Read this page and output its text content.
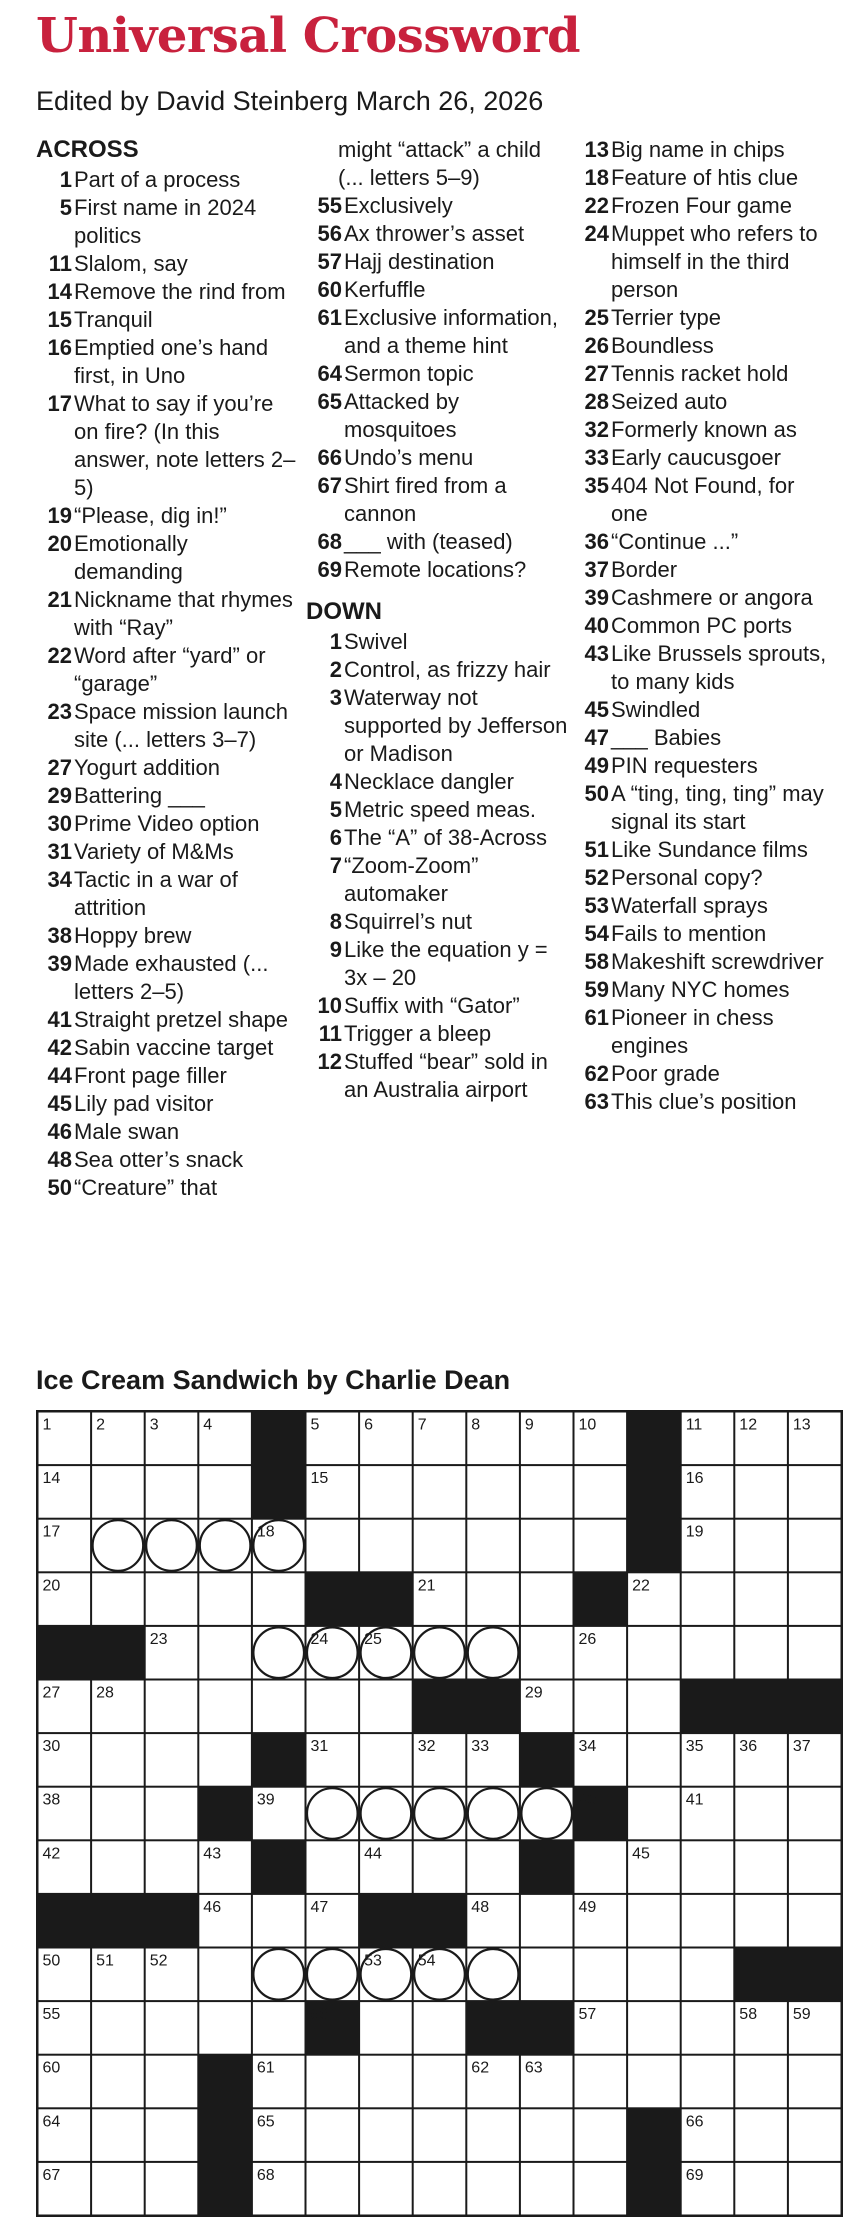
Universal Crossword
Edited by David Steinberg March 26, 2026
ACROSS
1 Part of a process
5 First name in 2024 politics
11 Slalom, say
14 Remove the rind from
15 Tranquil
16 Emptied one’s hand first, in Uno
17 What to say if you’re on fire? (In this answer, note letters 2–5)
19 “Please, dig in!”
20 Emotionally demanding
21 Nickname that rhymes with “Ray”
22 Word after “yard” or “garage”
23 Space mission launch site (... letters 3–7)
27 Yogurt addition
29 Battering ___
30 Prime Video option
31 Variety of M&Ms
34 Tactic in a war of attrition
38 Hoppy brew
39 Made exhausted (... letters 2–5)
41 Straight pretzel shape
42 Sabin vaccine target
44 Front page filler
45 Lily pad visitor
46 Male swan
48 Sea otter’s snack
50 “Creature” that
might “attack” a child (... letters 5–9)
55 Exclusively
56 Ax thrower’s asset
57 Hajj destination
60 Kerfuffle
61 Exclusive information, and a theme hint
64 Sermon topic
65 Attacked by mosquitoes
66 Undo’s menu
67 Shirt fired from a cannon
68 ___ with (teased)
69 Remote locations?
DOWN
1 Swivel
2 Control, as frizzy hair
3 Waterway not supported by Jefferson or Madison
4 Necklace dangler
5 Metric speed meas.
6 The “A” of 38-Across
7 “Zoom-Zoom” automaker
8 Squirrel’s nut
9 Like the equation y = 3x – 20
10 Suffix with “Gator”
11 Trigger a bleep
12 Stuffed “bear” sold in an Australia airport
13 Big name in chips
18 Feature of htis clue
22 Frozen Four game
24 Muppet who refers to himself in the third person
25 Terrier type
26 Boundless
27 Tennis racket hold
28 Seized auto
32 Formerly known as
33 Early caucusgoer
35 404 Not Found, for one
36 “Continue ...”
37 Border
39 Cashmere or angora
40 Common PC ports
43 Like Brussels sprouts, to many kids
45 Swindled
47 ___ Babies
49 PIN requesters
50 A “ting, ting, ting” may signal its start
51 Like Sundance films
52 Personal copy?
53 Waterfall sprays
54 Fails to mention
58 Makeshift screwdriver
59 Many NYC homes
61 Pioneer in chess engines
62 Poor grade
63 This clue’s position
Ice Cream Sandwich by Charlie Dean
1	2	3	4	5	6	7	8	9	10	11 12 13
14	15	16
17	18	19
20	21	22
23	24 25	26
27 28	29
30	31	32 33	34	35 36 37
38	39	40	41
42	43	44	45
46	47	48	49
50 51 52	53 54
55	56	57	58 59
60	61	62 63
64	65	66
67	68	69
